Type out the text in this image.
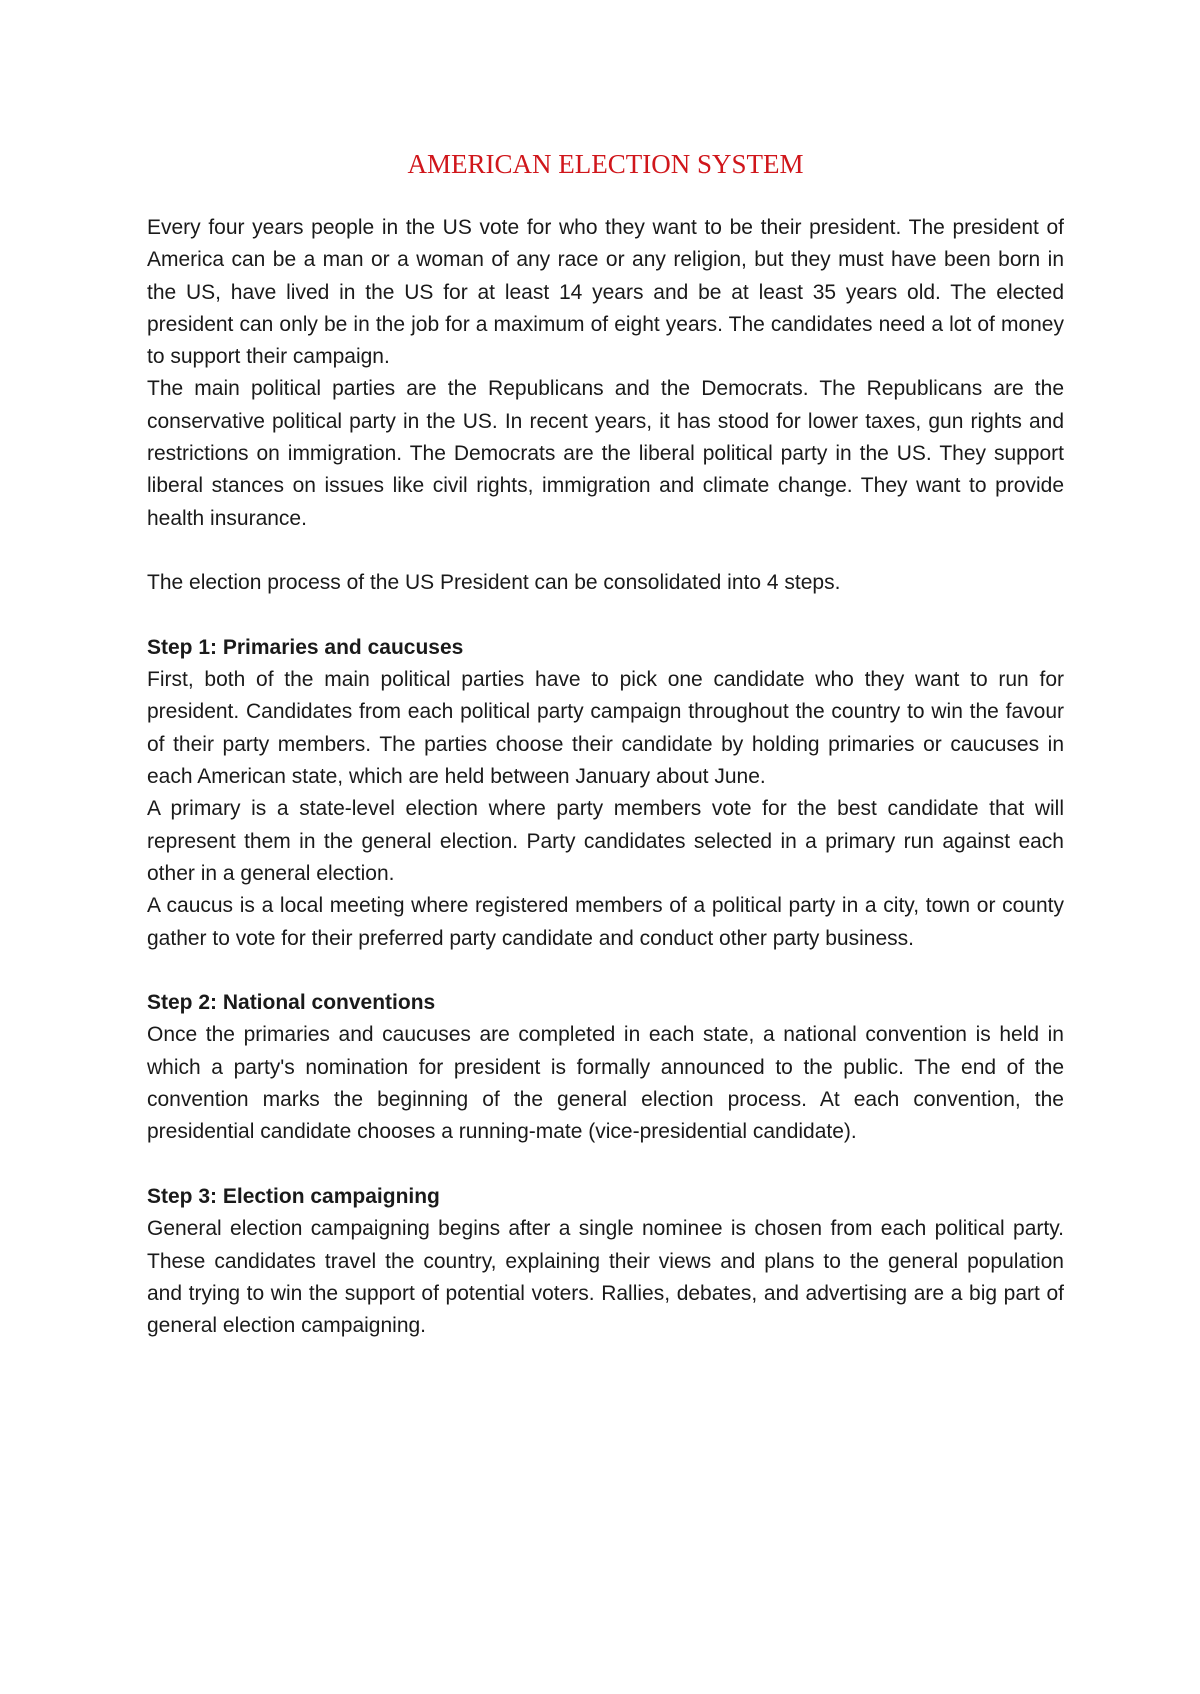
AMERICAN ELECTION SYSTEM

Every four years people in the US vote for who they want to be their president. The president of America can be a man or a woman of any race or any religion, but they must have been born in the US, have lived in the US for at least 14 years and be at least 35 years old. The elected president can only be in the job for a maximum of eight years. The candidates need a lot of money to support their campaign.

The main political parties are the Republicans and the Democrats. The Republicans are the conservative political party in the US. In recent years, it has stood for lower taxes, gun rights and restrictions on immigration. The Democrats are the liberal political party in the US. They support liberal stances on issues like civil rights, immigration and climate change. They want to provide health insurance.

The election process of the US President can be consolidated into 4 steps.

Step 1: Primaries and caucuses

First, both of the main political parties have to pick one candidate who they want to run for president. Candidates from each political party campaign throughout the country to win the favour of their party members. The parties choose their candidate by holding primaries or caucuses in each American state, which are held between January about June.

A primary is a state-level election where party members vote for the best candidate that will represent them in the general election. Party candidates selected in a primary run against each other in a general election.

A caucus is a local meeting where registered members of a political party in a city, town or county gather to vote for their preferred party candidate and conduct other party business.

Step 2: National conventions

Once the primaries and caucuses are completed in each state, a national convention is held in which a party's nomination for president is formally announced to the public. The end of the convention marks the beginning of the general election process. At each convention, the presidential candidate chooses a running-mate (vice-presidential candidate).

Step 3: Election campaigning

General election campaigning begins after a single nominee is chosen from each political party. These candidates travel the country, explaining their views and plans to the general population and trying to win the support of potential voters. Rallies, debates, and advertising are a big part of general election campaigning.
